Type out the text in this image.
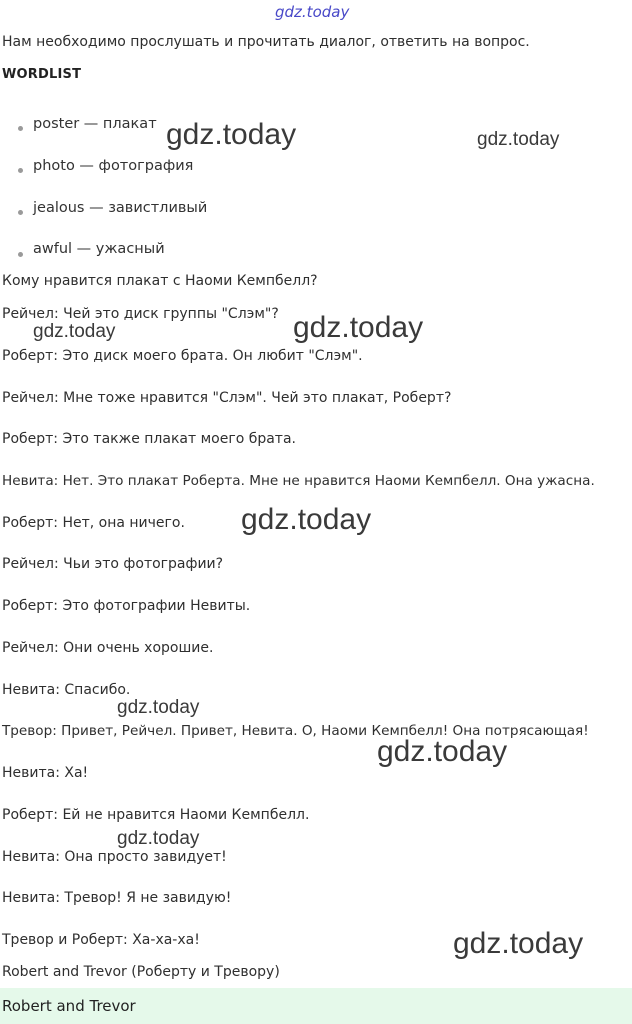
gdz.today
Нам необходимо прослушать и прочитать диалог, ответить на вопрос.
WORDLIST
poster — плакат
photo — фотография
jealous — завистливый
awful — ужасный
Кому нравится плакат с Наоми Кемпбелл?
Рейчел: Чей это диск группы "Слэм"?
Роберт: Это диск моего брата. Он любит "Слэм".
Рейчел: Мне тоже нравится "Слэм". Чей это плакат, Роберт?
Роберт: Это также плакат моего брата.
Невита: Нет. Это плакат Роберта. Мне не нравится Наоми Кемпбелл. Она ужасна.
Роберт: Нет, она ничего.
Рейчел: Чьи это фотографии?
Роберт: Это фотографии Невиты.
Рейчел: Они очень хорошие.
Невита: Спасибо.
Тревор: Привет, Рейчел. Привет, Невита. О, Наоми Кемпбелл! Она потрясающая!
Невита: Ха!
Роберт: Ей не нравится Наоми Кемпбелл.
Невита: Она просто завидует!
Невита: Тревор! Я не завидую!
Тревор и Роберт: Ха-ха-ха!
Robert and Trevor (Роберту и Тревору)
Robert and Trevor
gdz.today	gdz.today
gdz.today	gdz.today
gdz.today
gdz.today
gdz.today
gdz.today
gdz.today
